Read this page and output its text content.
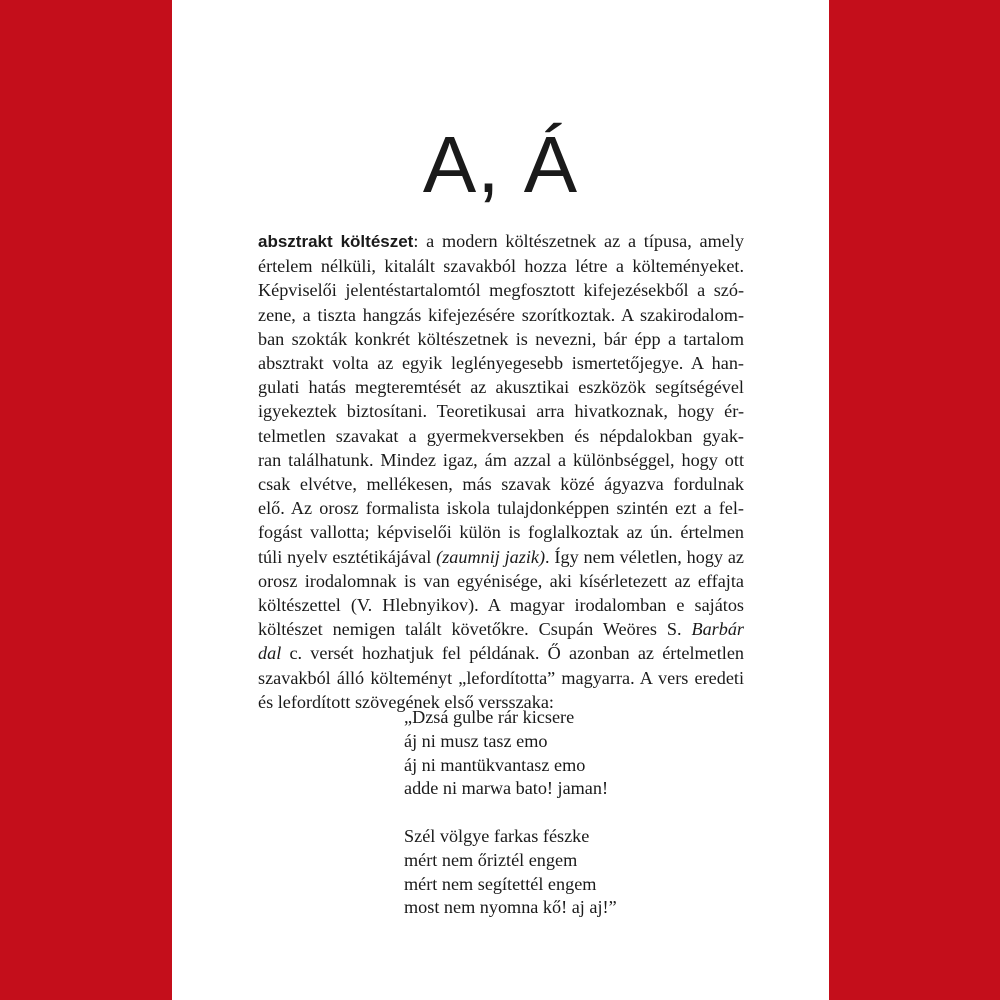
A, Á
absztrakt költészet: a modern költészetnek az a típusa, amely
értelem nélküli, kitalált szavakból hozza létre a költeményeket.
Képviselői jelentéstartalomtól megfosztott kifejezésekből a szó-
zene, a tiszta hangzás kifejezésére szorítkoztak. A szakirodalom-
ban szokták konkrét költészetnek is nevezni, bár épp a tartalom
absztrakt volta az egyik leglényegesebb ismertetőjegye. A han-
gulati hatás megteremtését az akusztikai eszközök segítségével
igyekeztek biztosítani. Teoretikusai arra hivatkoznak, hogy ér-
telmetlen szavakat a gyermekversekben és népdalokban gyak-
ran találhatunk. Mindez igaz, ám azzal a különbséggel, hogy ott
csak elvétve, mellékesen, más szavak közé ágyazva fordulnak
elő. Az orosz formalista iskola tulajdonképpen szintén ezt a fel-
fogást vallotta; képviselői külön is foglalkoztak az ún. értelmen
túli nyelv esztétikájával (zaumnij jazik). Így nem véletlen, hogy az
orosz irodalomnak is van egyénisége, aki kísérletezett az effajta
költészettel (V. Hlebnyikov). A magyar irodalomban e sajátos
költészet nemigen talált követőkre. Csupán Weöres S. Barbár
dal c. versét hozhatjuk fel példának. Ő azonban az értelmetlen
szavakból álló költeményt „lefordította” magyarra. A vers eredeti
és lefordított szövegének első versszaka:
„Dzsá gulbe rár kicsere
áj ni musz tasz emo
áj ni mantükvantasz emo
adde ni marwa bato! jaman!
Szél völgye farkas fészke
mért nem őriztél engem
mért nem segítettél engem
most nem nyomna kő! aj aj!”
